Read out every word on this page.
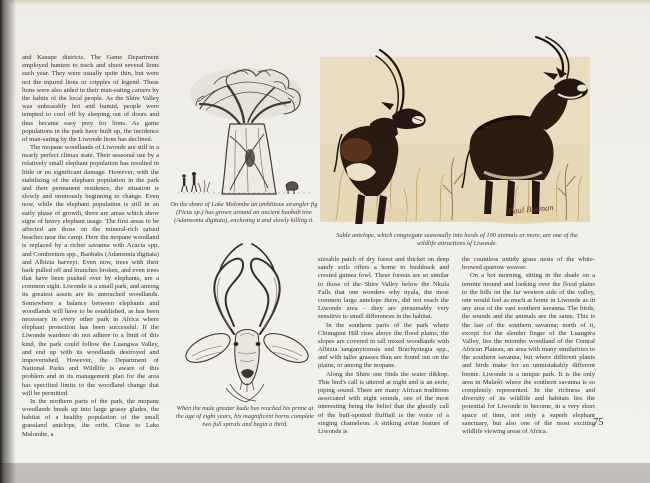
and Kasupe districts. The Game Department employed hunters to track and shoot several lions each year. They were usually quite thin, but were not the injured lions or cripples of legend. These lions were also aided in their man-eating careers by the habits of the local people. As the Shire Valley was unbearably hot and humid, people were tempted to cool off by sleeping out of doors and thus became easy prey for lions. As game populations in the park have built up, the incidence of man-eating by the Liwonde lions has declined.

The mopane woodlands of Liwonde are still in a nearly perfect climax state. Their seasonal use by a relatively small elephant population has resulted in little or no significant damage. However, with the stabilizing of the elephant population in the park and their permanent residence, the situation is slowly and ominously beginning to change. Even now, while the elephant population is still in an early phase of growth, there are areas which show signs of heavy elephant usage. The first areas to be affected are those on the mineral-rich raised beaches near the camp. Here the mopane woodland is replaced by a richer savanna with Acacia spp. and Combretum spp., Baobabs (Adansonia digitata) and Albizia harveyi. Even now, trees with their bark pulled off and branches broken, and even trees that have been pushed over by elephants, are a common sight. Liwonde is a small park, and among its greatest assets are its untouched woodlands. Somewhere a balance between elephants and woodlands will have to be established, as has been necessary in every other park in Africa where elephant protection has been successful. If the Liwonde wardens do not adhere to a limit of this kind, the park could follow the Luangwa Valley, and end up with its woodlands destroyed and impoverished. However, the Department of National Parks and Wildlife is aware of this problem and in its management plan for the area has specified limits to the woodland change that will be permitted.

In the northern parts of the park, the mopane woodlands break up into large grassy glades, the habitat of a healthy population of the small grassland antelope, the oribi. Close to Lake Malombe, a

On the shore of Lake Malombe an ambitious strangler fig (Ficus sp.) has grown around an ancient baobab tree (Adansonia digitata), enclosing it and slowly killing it.
When the male greater kudu has reached his prime at the age of eight years, his magnificent horns complete two full spirals and begin a third.
Paul Bosman
Sable antelope, which congregate seasonally into herds of 100 animals or more, are one of the wildlife attractions of Liwonde.

sizeable patch of dry forest and thicket on deep sandy soils offers a home to bushbuck and crested guinea fowl. These forests are so similar to those of the Shire Valley below the Nkula Falls that one wonders why nyala, the most common large antelope there, did not reach the Liwonde area – they are presumably very sensitive to small differences in the habitat.

In the southern parts of the park where Chiunguni Hill rises above the flood plains, the slopes are covered in tall mixed woodlands with Albizia tanganyicensis and Brachystegia spp., and with taller grasses than are found out on the plains, or among the mopane.

Along the Shire one finds the water dikkop. This bird's call is uttered at night and is an eerie, piping sound. There are many African traditions associated with night sounds, one of the most interesting being the belief that the ghostly call of the buff-spotted flufftail is the voice of a singing chameleon. A striking avian feature of Liwonde is

the countless untidy grass nests of the white-browed sparrow weaver.

On a hot morning, sitting in the shade on a termite mound and looking over the flood plains to the hills on the far western side of the valley, one would feel as much at home in Liwonde as in any area of the vast southern savanna. The birds, the sounds and the animals are the same. This is the last of the southern savanna; north of it, except for the slender finger of the Luangwa Valley, lies the miombo woodland of the Central African Plateau, an area with many similarities to the southern savanna, but where different plants and birds make for an unmistakably different biome. Liwonde is a unique park. It is the only area in Malaŵi where the southern savanna is so completely represented. In the richness and diversity of its wildlife and habitats lies the potential for Liwonde to become, in a very short space of time, not only a superb elephant sanctuary, but also one of the most exciting wildlife viewing areas of Africa.

75
